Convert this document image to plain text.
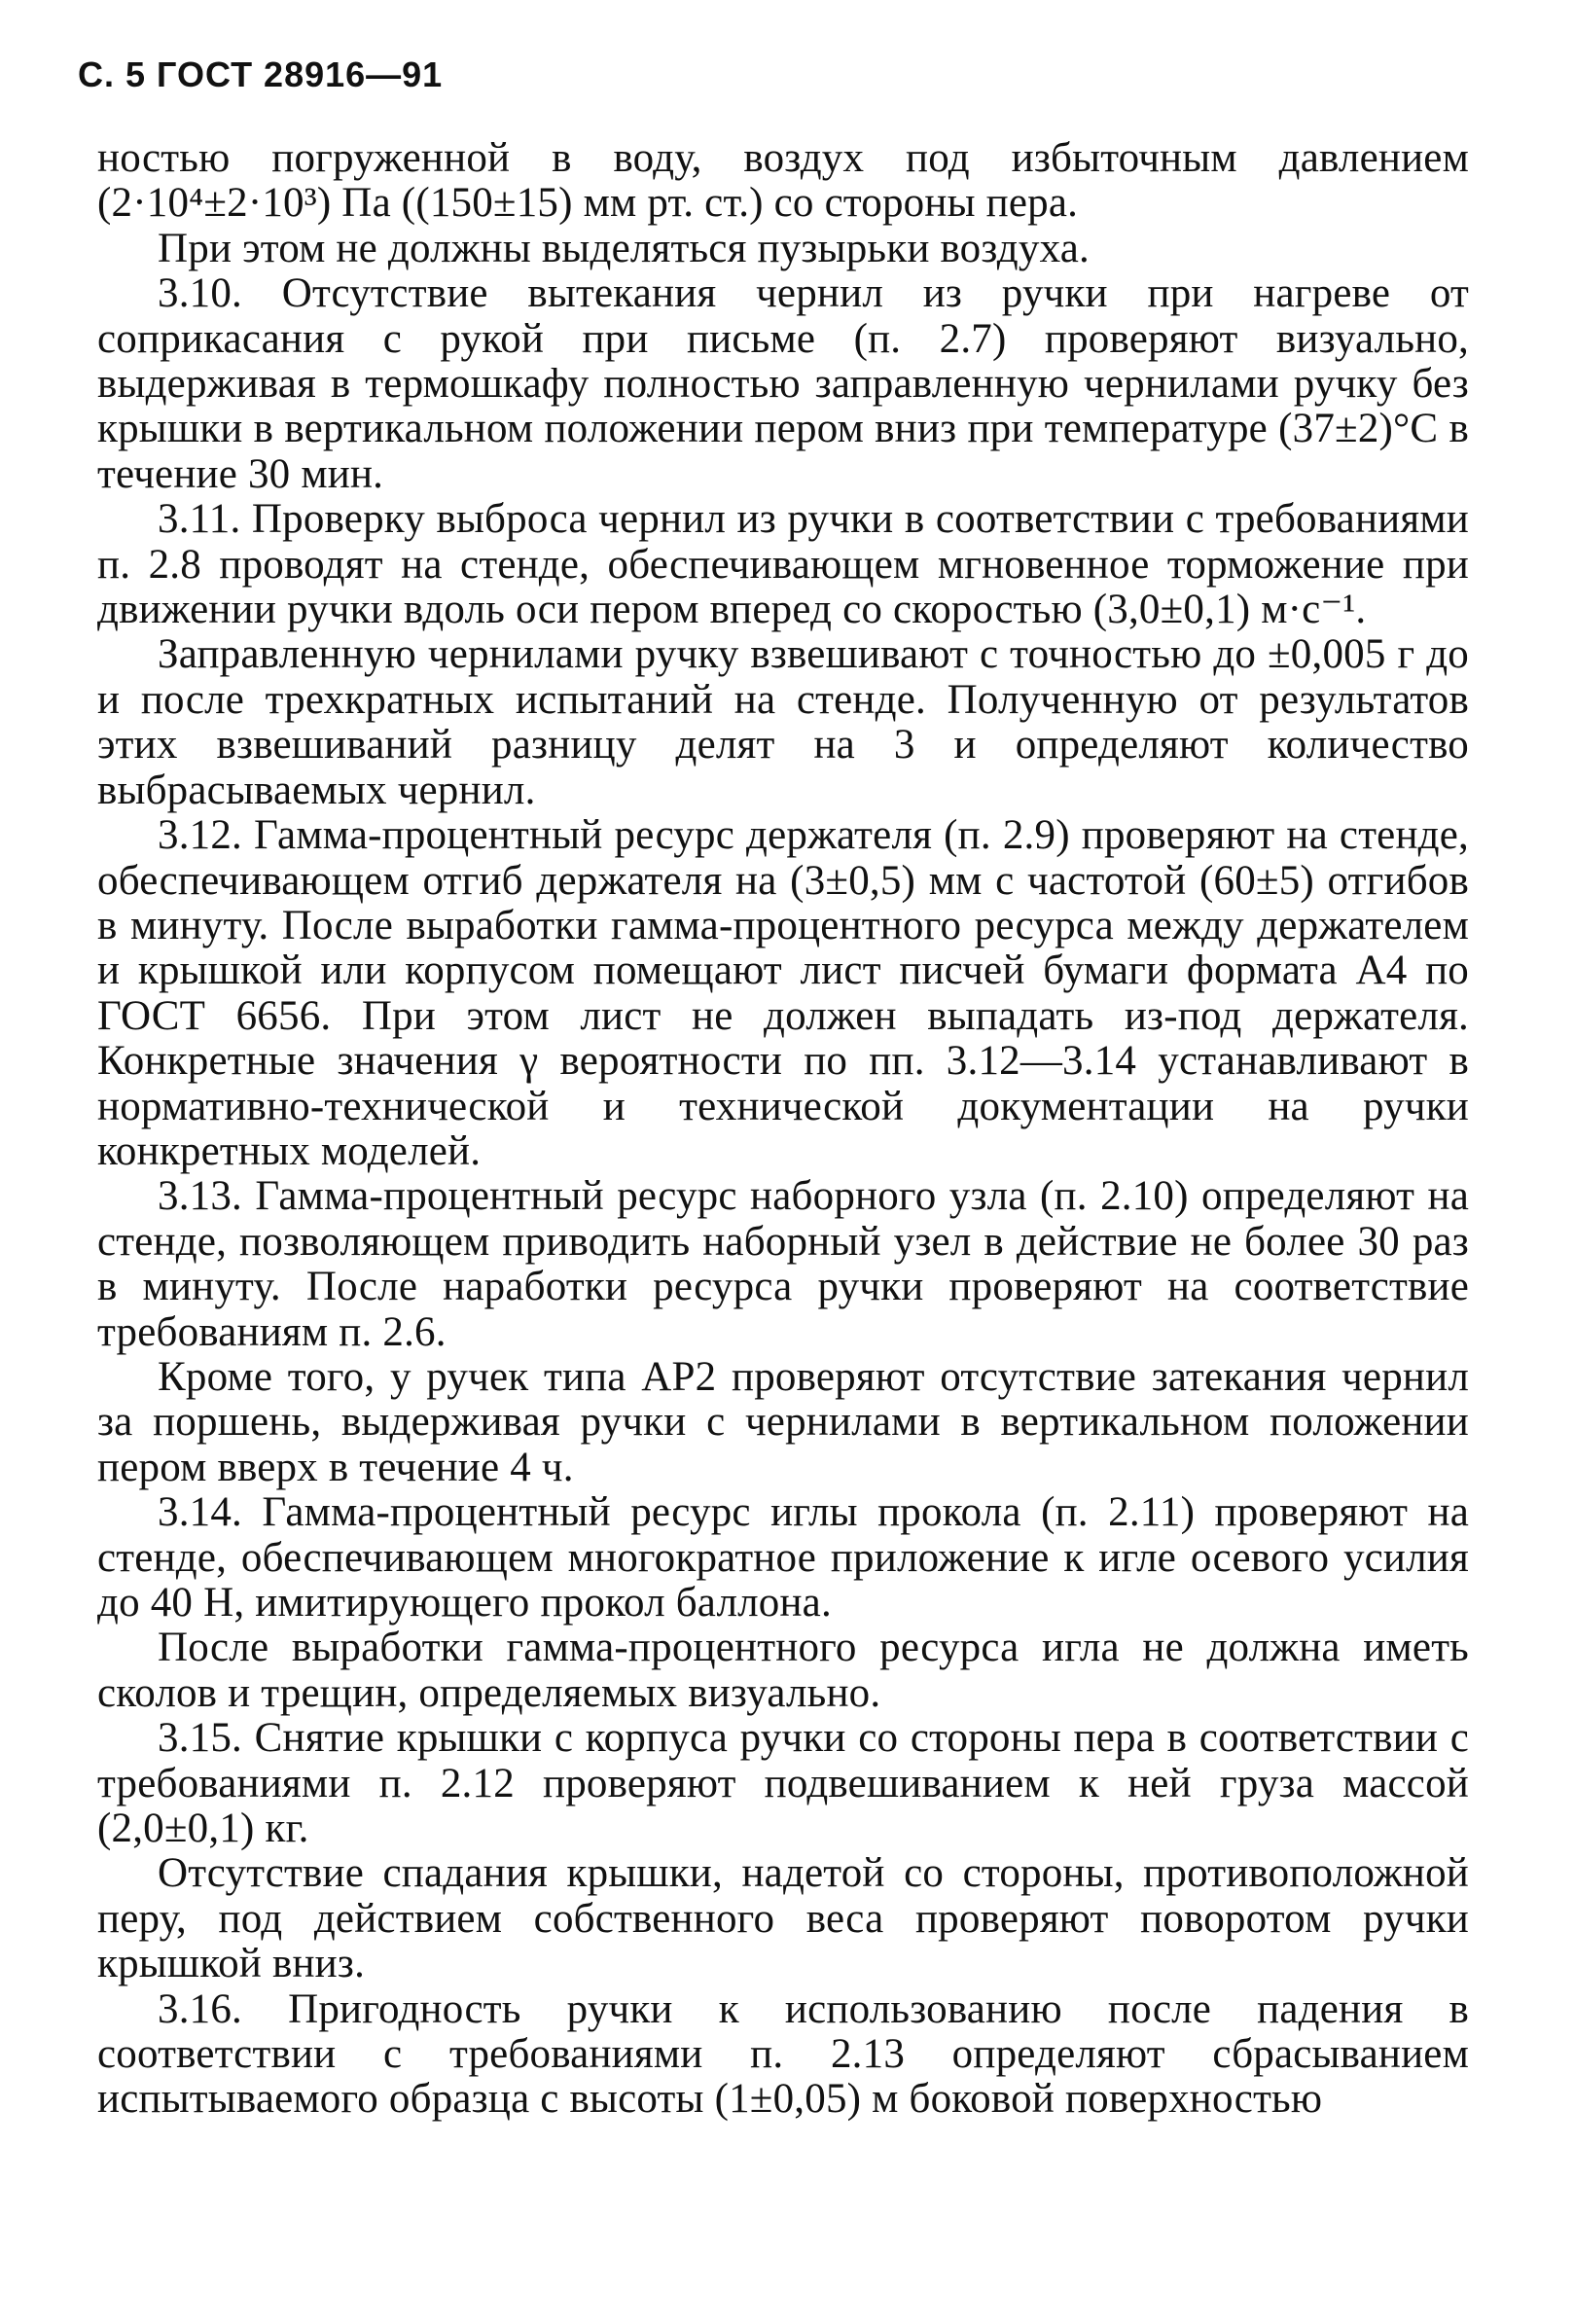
С. 5 ГОСТ 28916—91

ностью погруженной в воду, воздух под избыточным давлением (2·10⁴±2·10³) Па ((150±15) мм рт. ст.) со стороны пера.

При этом не должны выделяться пузырьки воздуха.

3.10. Отсутствие вытекания чернил из ручки при нагреве от соприкасания с рукой при письме (п. 2.7) проверяют визуально, выдерживая в термошкафу полностью заправленную чернилами ручку без крышки в вертикальном положении пером вниз при температуре (37±2)°С в течение 30 мин.

3.11. Проверку выброса чернил из ручки в соответствии с требованиями п. 2.8 проводят на стенде, обеспечивающем мгновенное торможение при движении ручки вдоль оси пером вперед со скоростью (3,0±0,1) м·с⁻¹.

Заправленную чернилами ручку взвешивают с точностью до ±0,005 г до и после трехкратных испытаний на стенде. Полученную от результатов этих взвешиваний разницу делят на 3 и определяют количество выбрасываемых чернил.

3.12. Гамма-процентный ресурс держателя (п. 2.9) проверяют на стенде, обеспечивающем отгиб держателя на (3±0,5) мм с частотой (60±5) отгибов в минуту. После выработки гамма-процентного ресурса между держателем и крышкой или корпусом помещают лист писчей бумаги формата А4 по ГОСТ 6656. При этом лист не должен выпадать из-под держателя. Конкретные значения γ вероятности по пп. 3.12—3.14 устанавливают в нормативно-технической и технической документации на ручки конкретных моделей.

3.13. Гамма-процентный ресурс наборного узла (п. 2.10) определяют на стенде, позволяющем приводить наборный узел в действие не более 30 раз в минуту. После наработки ресурса ручки проверяют на соответствие требованиям п. 2.6.

Кроме того, у ручек типа АР2 проверяют отсутствие затекания чернил за поршень, выдерживая ручки с чернилами в вертикальном положении пером вверх в течение 4 ч.

3.14. Гамма-процентный ресурс иглы прокола (п. 2.11) проверяют на стенде, обеспечивающем многократное приложение к игле осевого усилия до 40 Н, имитирующего прокол баллона.

После выработки гамма-процентного ресурса игла не должна иметь сколов и трещин, определяемых визуально.

3.15. Снятие крышки с корпуса ручки со стороны пера в соответствии с требованиями п. 2.12 проверяют подвешиванием к ней груза массой (2,0±0,1) кг.

Отсутствие спадания крышки, надетой со стороны, противоположной перу, под действием собственного веса проверяют поворотом ручки крышкой вниз.

3.16. Пригодность ручки к использованию после падения в соответствии с требованиями п. 2.13 определяют сбрасыванием испытываемого образца с высоты (1±0,05) м боковой поверхностью
